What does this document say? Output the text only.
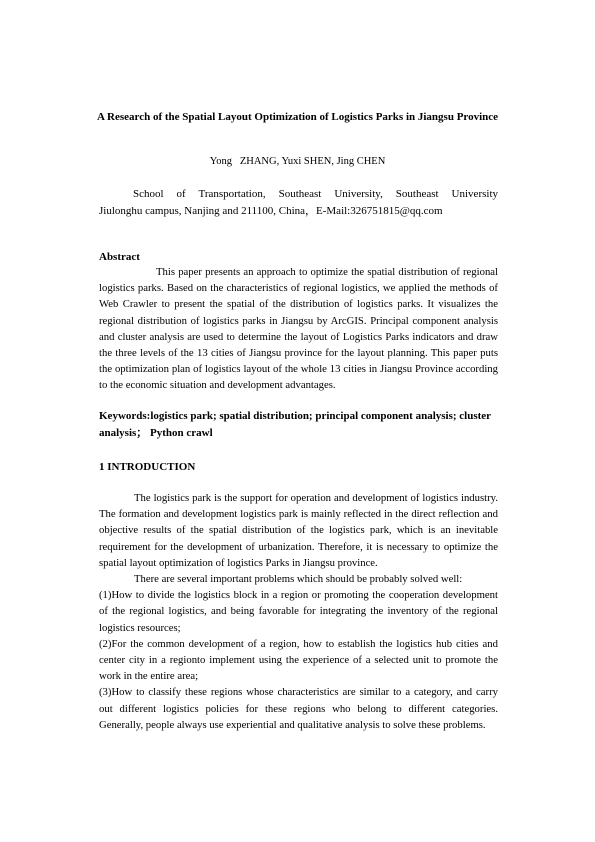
A Research of the Spatial Layout Optimization of Logistics Parks in Jiangsu Province
Yong   ZHANG, Yuxi SHEN, Jing CHEN
School of Transportation, Southeast University, Southeast University
Jiulonghu campus, Nanjing and 211100, China，E-Mail:326751815@qq.com
Abstract

This paper presents an approach to optimize the spatial distribution of regional logistics parks. Based on the characteristics of regional logistics, we applied the methods of Web Crawler to present the spatial of the distribution of logistics parks. It visualizes the regional distribution of logistics parks in Jiangsu by ArcGIS. Principal component analysis and cluster analysis are used to determine the layout of Logistics Parks indicators and draw the three levels of the 13 cities of Jiangsu province for the layout planning. This paper puts the optimization plan of logistics layout of the whole 13 cities in Jiangsu Province according to the economic situation and development advantages.

Keywords:logistics park; spatial distribution; principal component analysis; cluster analysis； Python crawl

1 INTRODUCTION

The logistics park is the support for operation and development of logistics industry. The formation and development logistics park is mainly reflected in the direct reflection and objective results of the spatial distribution of the logistics park, which is an inevitable requirement for the development of urbanization. Therefore, it is necessary to optimize the spatial layout optimization of logistics Parks in Jiangsu province.

There are several important problems which should be probably solved well:

(1)How to divide the logistics block in a region or promoting the cooperation development of the regional logistics, and being favorable for integrating the inventory of the regional logistics resources;

(2)For the common development of a region, how to establish the logistics hub cities and center city in a regionto implement using the experience of a selected unit to promote the work in the entire area;

(3)How to classify these regions whose characteristics are similar to a category, and carry out different logistics policies for these regions who belong to different categories. Generally, people always use experiential and qualitative analysis to solve these problems.
